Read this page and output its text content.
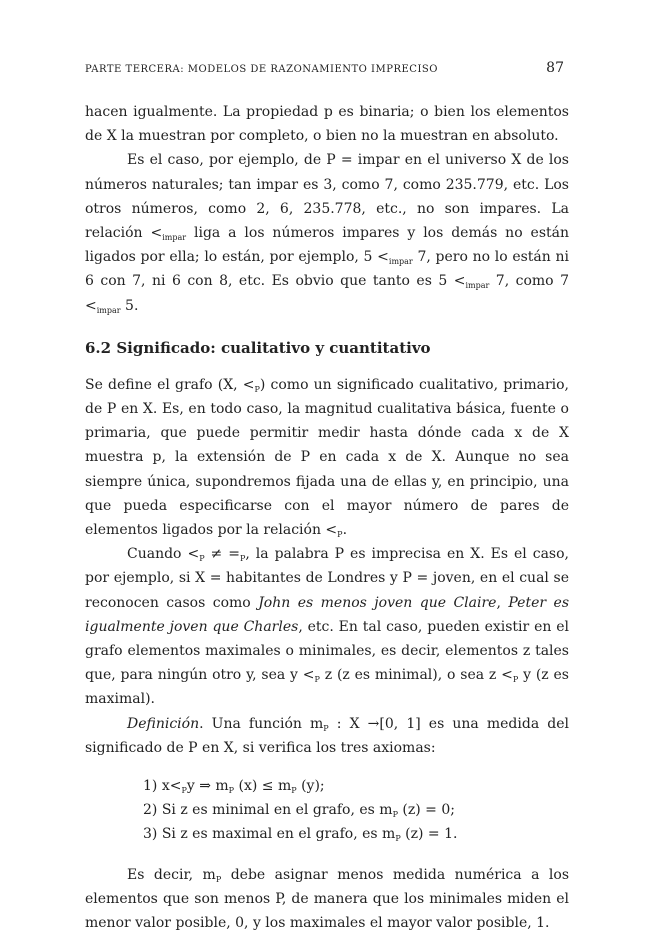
PARTE TERCERA: MODELOS DE RAZONAMIENTO IMPRECISO	87

hacen igualmente. La propiedad p es binaria; o bien los elementos de X la muestran por completo, o bien no la muestran en absoluto.

Es el caso, por ejemplo, de P = impar en el universo X de los números naturales; tan impar es 3, como 7, como 235.779, etc. Los otros números, como 2, 6, 235.778, etc., no son impares. La relación $<_{impar}$ liga a los números impares y los demás no están ligados por ella; lo están, por ejemplo, $5 <_{impar}$ 7, pero no lo están ni 6 con 7, ni 6 con 8, etc. Es obvio que tanto es $5 <_{impar}$ 7, como $7 <_{impar}$ 5.

6.2 Significado: cualitativo y cuantitativo

Se define el grafo (X, $<_P$) como un significado cualitativo, primario, de P en X. Es, en todo caso, la magnitud cualitativa básica, fuente o primaria, que puede permitir medir hasta dónde cada x de X muestra p, la extensión de P en cada x de X. Aunque no sea siempre única, supondremos fijada una de ellas y, en principio, una que pueda especificarse con el mayor número de pares de elementos ligados por la relación $<_P$.

Cuando $<_P \ne =_P$, la palabra P es imprecisa en X. Es el caso, por ejemplo, si X = habitantes de Londres y P = joven, en el cual se reconocen casos como John es menos joven que Claire, Peter es igualmente joven que Charles, etc. En tal caso, pueden existir en el grafo elementos maximales o minimales, es decir, elementos z tales que, para ningún otro y, sea $y <_P$ z (z es minimal), o sea $z <_P$ y (z es maximal).

Definición. Una función $m_P$ : X →[0, 1] es una medida del significado de P en X, si verifica los tres axiomas:

1) $x<_Py$ ⇒ $m_P$ $(x) \le m_P$ (y);
2) Si z es minimal en el grafo, es $m_P$ (z) = 0;
3) Si z es maximal en el grafo, es $m_P$ (z) = 1.

Es decir, $m_P$ debe asignar menos medida numérica a los elementos que son menos P, de manera que los minimales miden el menor valor posible, 0, y los maximales el mayor valor posible, 1.
